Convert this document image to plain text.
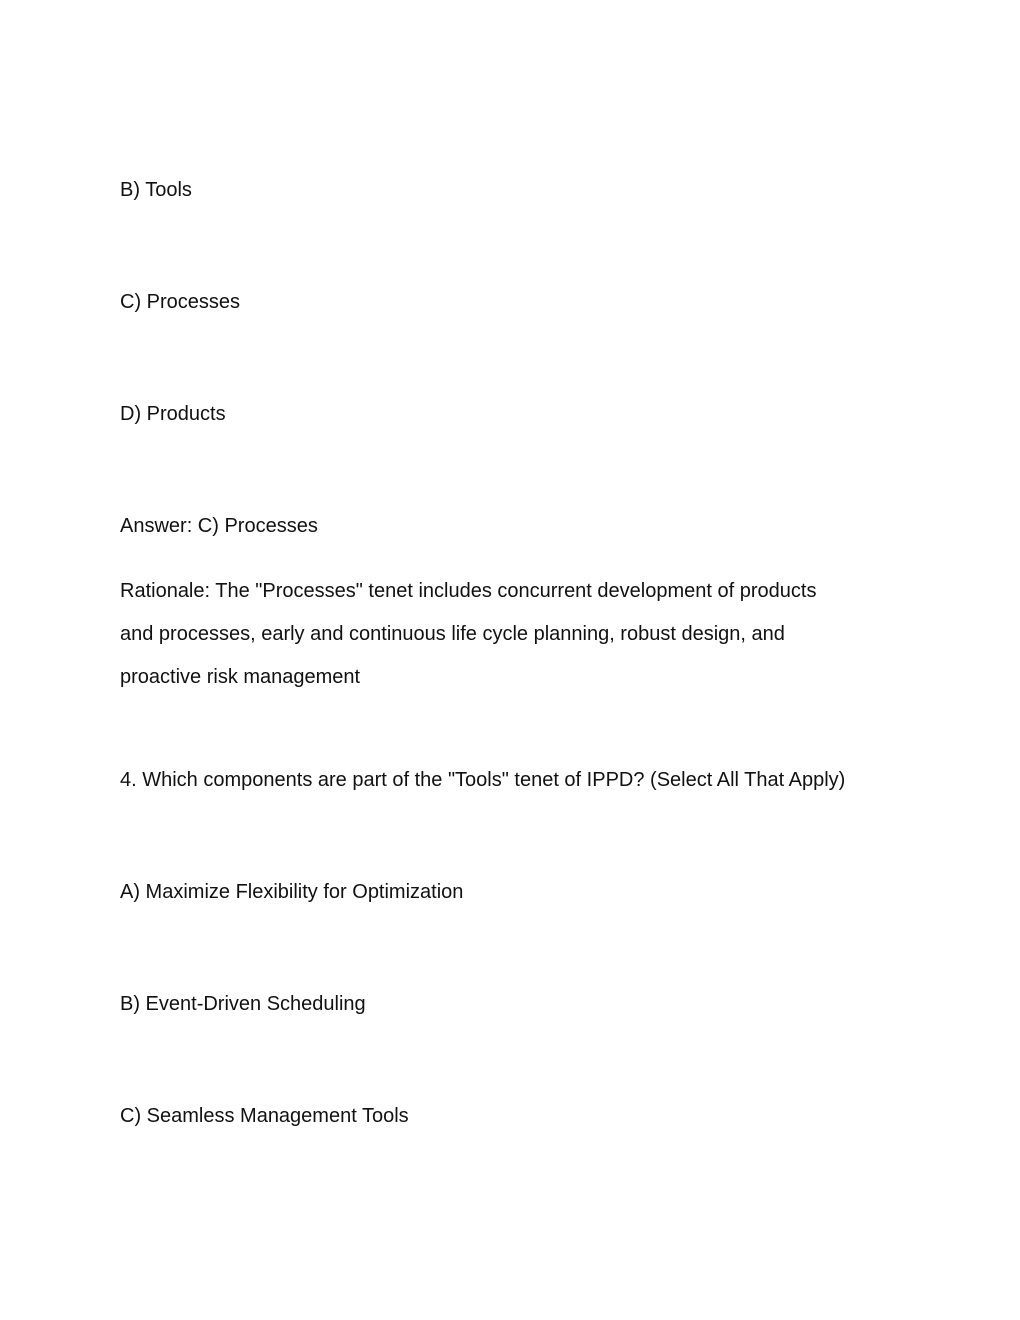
B) Tools
C) Processes
D) Products
Answer: C) Processes
Rationale: The "Processes" tenet includes concurrent development of products
and processes, early and continuous life cycle planning, robust design, and
proactive risk management
4. Which components are part of the "Tools" tenet of IPPD? (Select All That Apply)
A) Maximize Flexibility for Optimization
B) Event-Driven Scheduling
C) Seamless Management Tools
